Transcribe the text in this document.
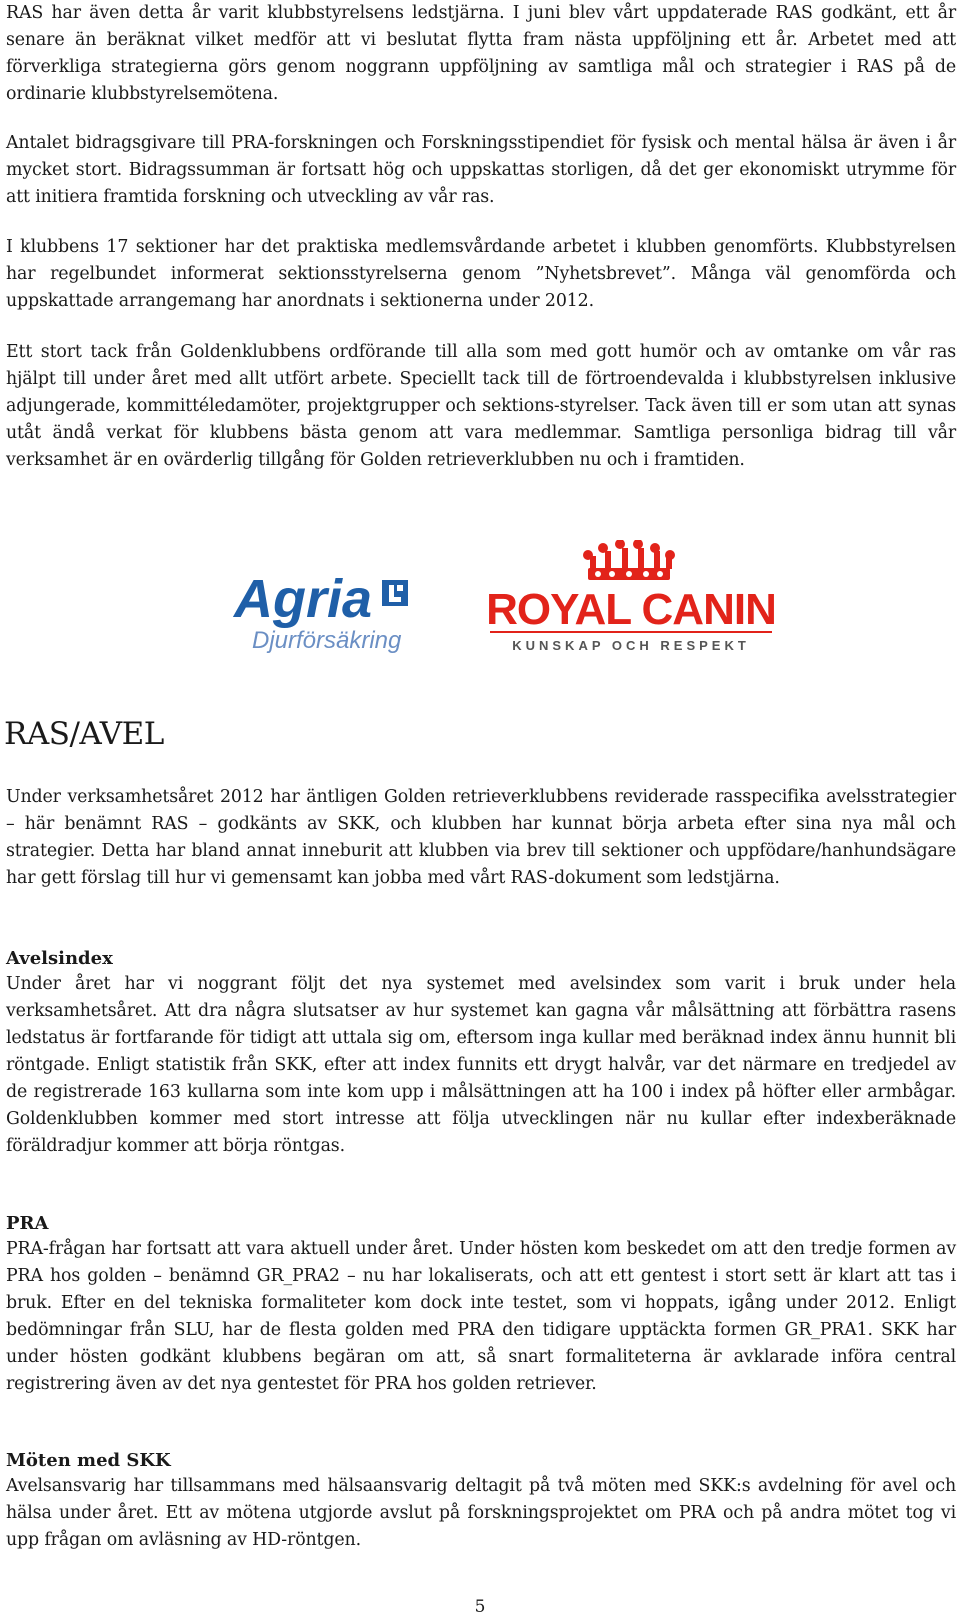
RAS har även detta år varit klubbstyrelsens ledstjärna. I juni blev vårt uppdaterade RAS godkänt, ett år senare än beräknat vilket medför att vi beslutat flytta fram nästa uppföljning ett år. Arbetet med att förverkliga strategierna görs genom noggrann uppföljning av samtliga mål och strategier i RAS på de ordinarie klubbstyrelsemötena.

Antalet bidragsgivare till PRA-forskningen och Forskningsstipendiet för fysisk och mental hälsa är även i år mycket stort. Bidragssumman är fortsatt hög och uppskattas storligen, då det ger ekonomiskt utrymme för att initiera framtida forskning och utveckling av vår ras.

I klubbens 17 sektioner har det praktiska medlemsvårdande arbetet i klubben genomförts. Klubbstyrelsen har regelbundet informerat sektionsstyrelserna genom ”Nyhetsbrevet”. Många väl genomförda och uppskattade arrangemang har anordnats i sektionerna under 2012.

Ett stort tack från Goldenklubbens ordförande till alla som med gott humör och av omtanke om vår ras hjälpt till under året med allt utfört arbete. Speciellt tack till de förtroendevalda i klubbstyrelsen inklusive adjungerade, kommittéledamöter, projektgrupper och sektions-styrelser. Tack även till er som utan att synas utåt ändå verkat för klubbens bästa genom att vara medlemmar. Samtliga personliga bidrag till vår verksamhet är en ovärderlig tillgång för Golden retrieverklubben nu och i framtiden.

Agria
Djurförsäkring
ROYAL CANIN
KUNSKAP OCH RESPEKT
RAS/AVEL

Under verksamhetsåret 2012 har äntligen Golden retrieverklubbens reviderade rasspecifika avelsstrategier – här benämnt RAS – godkänts av SKK, och klubben har kunnat börja arbeta efter sina nya mål och strategier. Detta har bland annat inneburit att klubben via brev till sektioner och uppfödare/hanhundsägare har gett förslag till hur vi gemensamt kan jobba med vårt RAS-dokument som ledstjärna.

Avelsindex

Under året har vi noggrant följt det nya systemet med avelsindex som varit i bruk under hela verksamhetsåret. Att dra några slutsatser av hur systemet kan gagna vår målsättning att förbättra rasens ledstatus är fortfarande för tidigt att uttala sig om, eftersom inga kullar med beräknad index ännu hunnit bli röntgade. Enligt statistik från SKK, efter att index funnits ett drygt halvår, var det närmare en tredjedel av de registrerade 163 kullarna som inte kom upp i målsättningen att ha 100 i index på höfter eller armbågar. Goldenklubben kommer med stort intresse att följa utvecklingen när nu kullar efter indexberäknade föräldradjur kommer att börja röntgas.

PRA

PRA-frågan har fortsatt att vara aktuell under året. Under hösten kom beskedet om att den tredje formen av PRA hos golden – benämnd GR_PRA2 – nu har lokaliserats, och att ett gentest i stort sett är klart att tas i bruk. Efter en del tekniska formaliteter kom dock inte testet, som vi hoppats, igång under 2012. Enligt bedömningar från SLU, har de flesta golden med PRA den tidigare upptäckta formen GR_PRA1. SKK har under hösten godkänt klubbens begäran om att, så snart formaliteterna är avklarade införa central registrering även av det nya gentestet för PRA hos golden retriever.

Möten med SKK

Avelsansvarig har tillsammans med hälsaansvarig deltagit på två möten med SKK:s avdelning för avel och hälsa under året. Ett av mötena utgjorde avslut på forskningsprojektet om PRA och på andra mötet tog vi upp frågan om avläsning av HD-röntgen.

5
